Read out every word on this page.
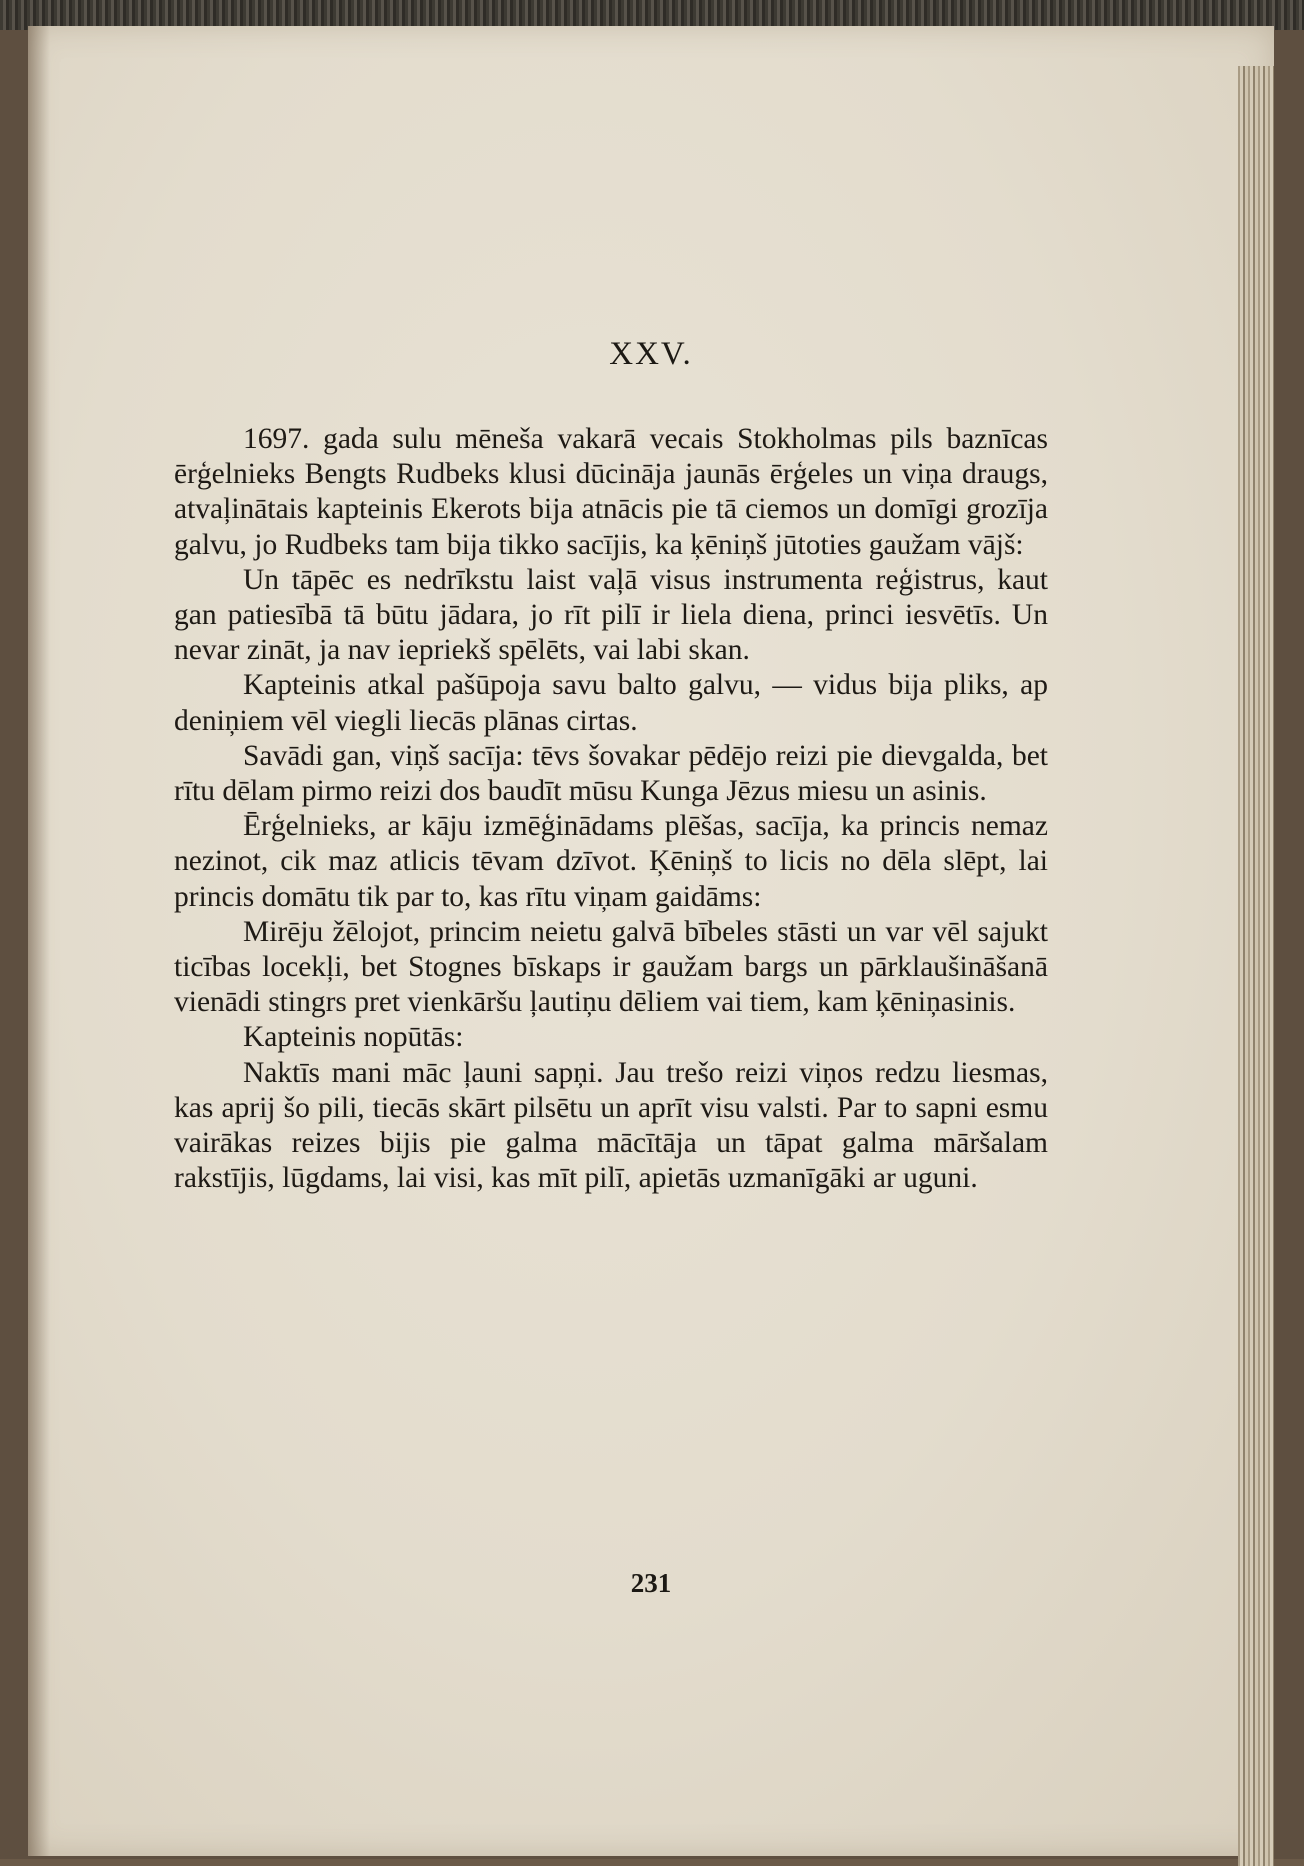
XXV.

1697. gada sulu mēneša vakarā vecais Stokholmas pils baznīcas ērģelnieks Bengts Rudbeks klusi dūcināja jaunās ērģeles un viņa draugs, atvaļinātais kapteinis Ekerots bija atnācis pie tā ciemos un domīgi grozīja galvu, jo Rudbeks tam bija tikko sacījis, ka ķēniņš jūtoties gaužam vājš:

Un tāpēc es nedrīkstu laist vaļā visus instrumenta reģistrus, kaut gan patiesībā tā būtu jādara, jo rīt pilī ir liela diena, princi iesvētīs. Un nevar zināt, ja nav iepriekš spēlēts, vai labi skan.

Kapteinis atkal pašūpoja savu balto galvu, — vidus bija pliks, ap deniņiem vēl viegli liecās plānas cirtas.

Savādi gan, viņš sacīja: tēvs šovakar pēdējo reizi pie dievgalda, bet rītu dēlam pirmo reizi dos baudīt mūsu Kunga Jēzus miesu un asinis.

Ērģelnieks, ar kāju izmēģinādams plēšas, sacīja, ka princis nemaz nezinot, cik maz atlicis tēvam dzīvot. Ķēniņš to licis no dēla slēpt, lai princis domātu tik par to, kas rītu viņam gaidāms:

Mirēju žēlojot, princim neietu galvā bībeles stāsti un var vēl sajukt ticības locekļi, bet Stognes bīskaps ir gaužam bargs un pārklaušināšanā vienādi stingrs pret vienkāršu ļautiņu dēliem vai tiem, kam ķēniņasinis.

Kapteinis nopūtās:

Naktīs mani māc ļauni sapņi. Jau trešo reizi viņos redzu liesmas, kas aprij šo pili, tiecās skārt pilsētu un aprīt visu valsti. Par to sapni esmu vairākas reizes bijis pie galma mācītāja un tāpat galma māršalam rakstījis, lūgdams, lai visi, kas mīt pilī, apietās uzmanīgāki ar uguni.

231
